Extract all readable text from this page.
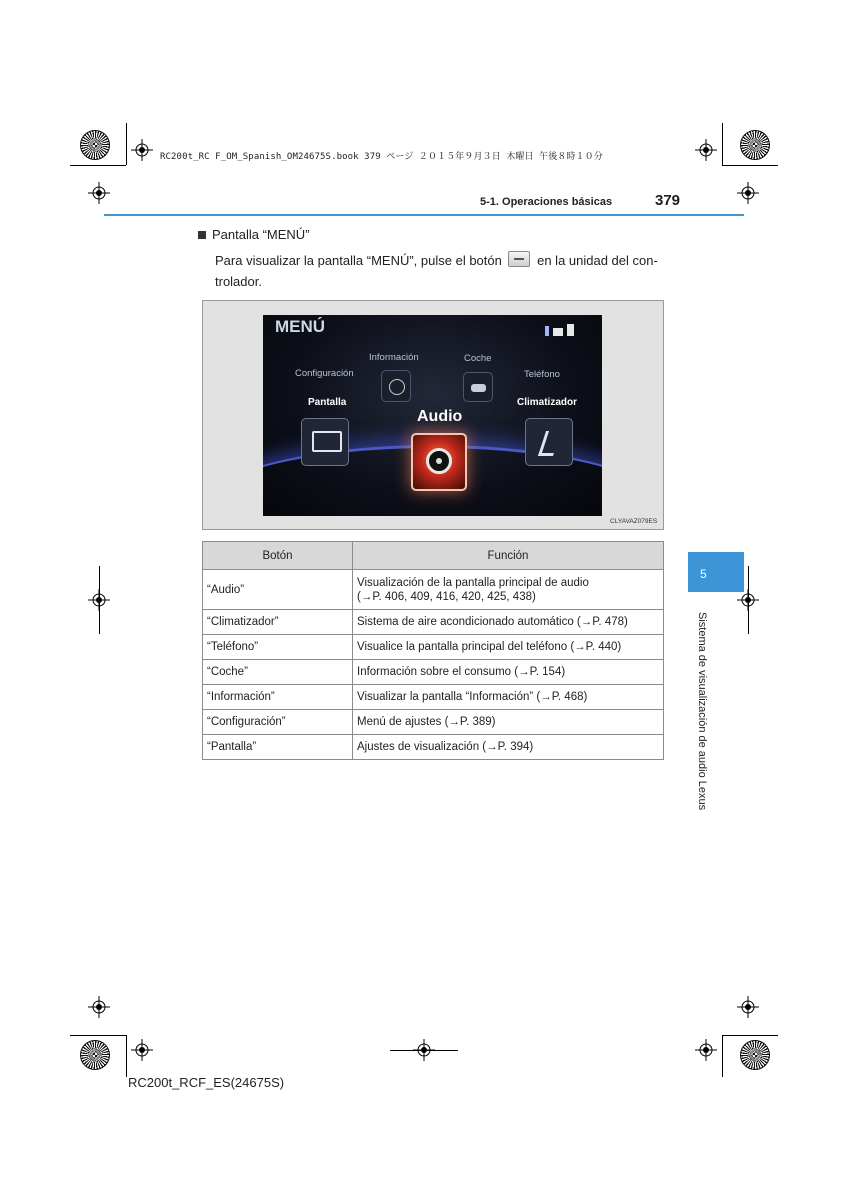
RC200t_RC F_OM_Spanish_OM24675S.book 379 ページ ２０１５年９月３日 木曜日 午後８時１０分
5-1. Operaciones básicas	379
Pantalla “MENÚ”
Para visualizar la pantalla “MENÚ”, pulse el botón	en la unidad del con-trolador.
MENÚ
Información	Coche
Configuración	Teléfono
Pantalla	Climatizador
Audio
CLYAVAZ079ES
Botón	Función
“Audio”	Visualización de la pantalla principal de audio
(→P. 406, 409, 416, 420, 425, 438)

“Climatizador”	Sistema de aire acondicionado automático (→P. 478)
“Teléfono”	Visualice la pantalla principal del teléfono (→P. 440)
“Coche”	Información sobre el consumo (→P. 154)
“Información”	Visualizar la pantalla “Información” (→P. 468)
“Configuración”	Menú de ajustes (→P. 389)
“Pantalla”	Ajustes de visualización (→P. 394)
5
Sistema de visualización de audio Lexus
RC200t_RCF_ES(24675S)
